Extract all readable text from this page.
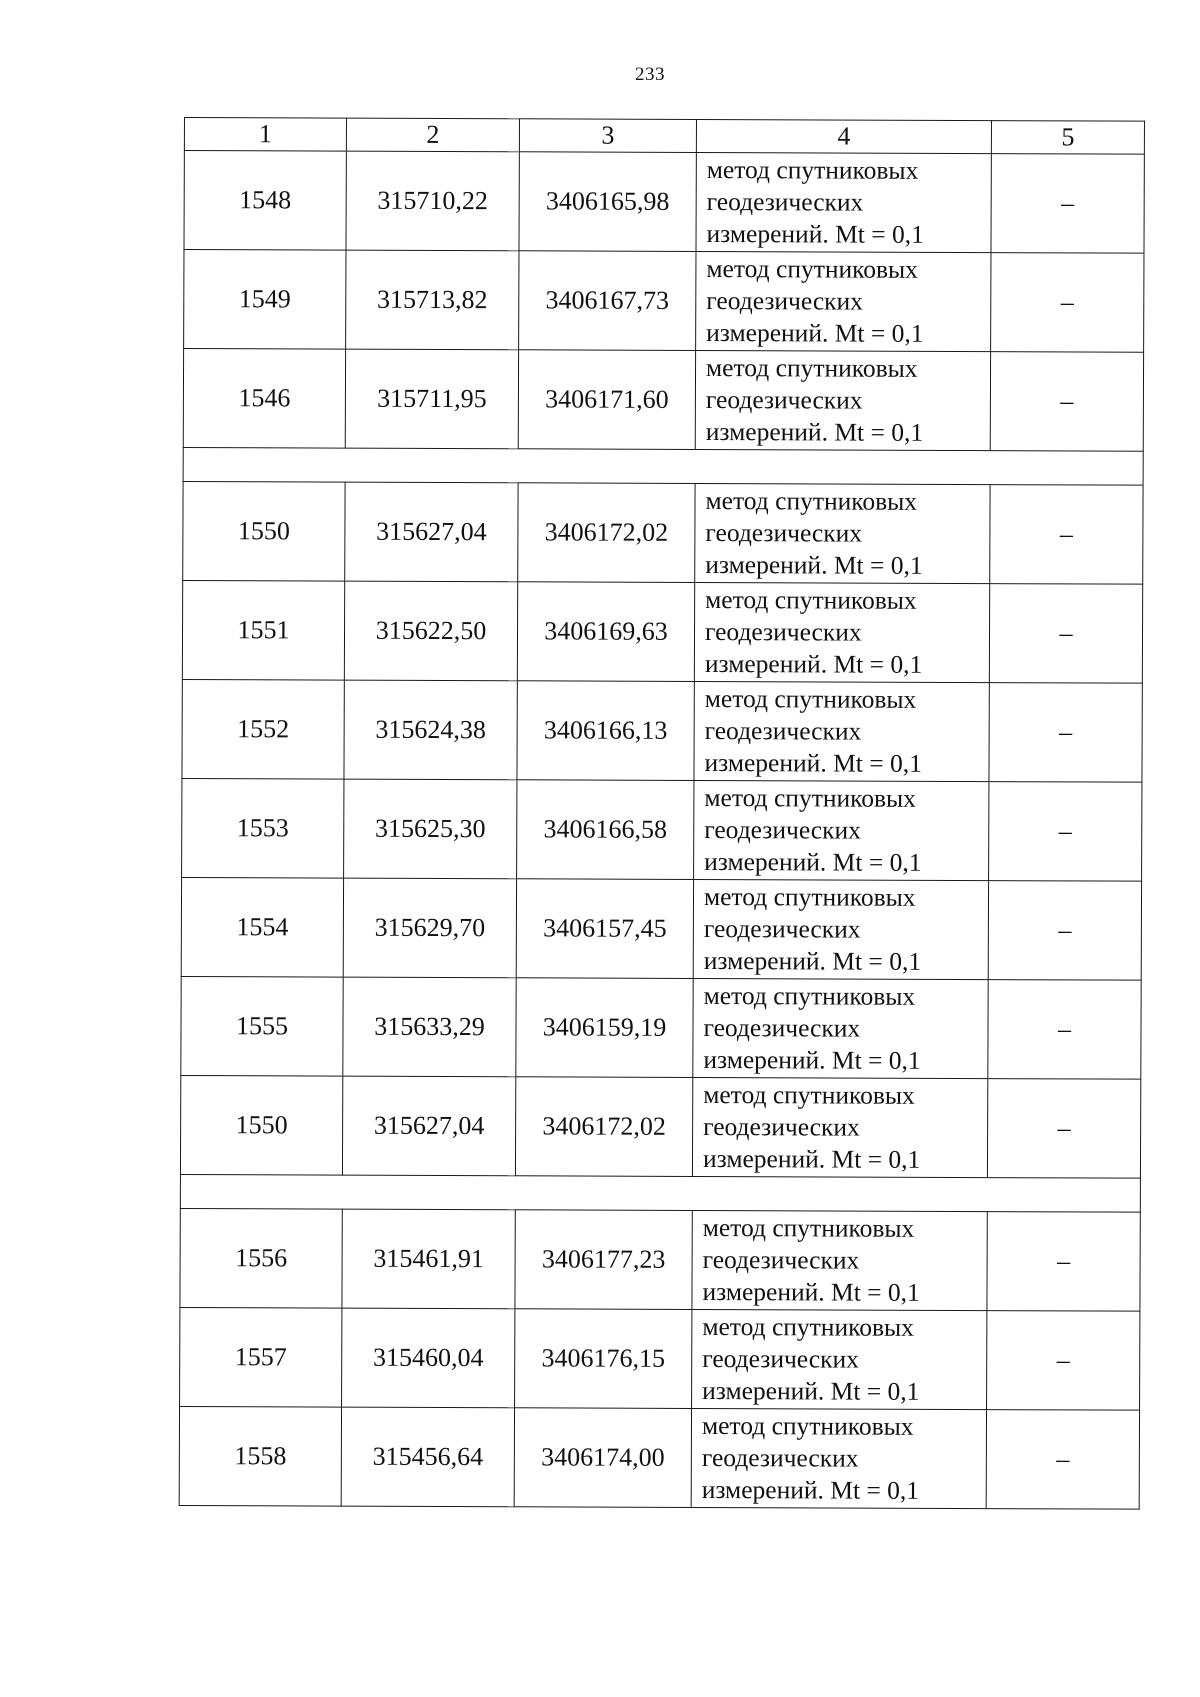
233
1	2	3	4	5
1548	315710,22	3406165,98	метод спутниковых
геодезических
измерений. Mt = 0,1	–
1549	315713,82	3406167,73	метод спутниковых
геодезических
измерений. Mt = 0,1	–
1546	315711,95	3406171,60	метод спутниковых
геодезических
измерений. Mt = 0,1	–

1550	315627,04	3406172,02	метод спутниковых
геодезических
измерений. Mt = 0,1	–
1551	315622,50	3406169,63	метод спутниковых
геодезических
измерений. Mt = 0,1	–
1552	315624,38	3406166,13	метод спутниковых
геодезических
измерений. Mt = 0,1	–
1553	315625,30	3406166,58	метод спутниковых
геодезических
измерений. Mt = 0,1	–
1554	315629,70	3406157,45	метод спутниковых
геодезических
измерений. Mt = 0,1	–
1555	315633,29	3406159,19	метод спутниковых
геодезических
измерений. Mt = 0,1	–
1550	315627,04	3406172,02	метод спутниковых
геодезических
измерений. Mt = 0,1	–

1556	315461,91	3406177,23	метод спутниковых
геодезических
измерений. Mt = 0,1	–
1557	315460,04	3406176,15	метод спутниковых
геодезических
измерений. Mt = 0,1	–
1558	315456,64	3406174,00	метод спутниковых
геодезических
измерений. Mt = 0,1	–
